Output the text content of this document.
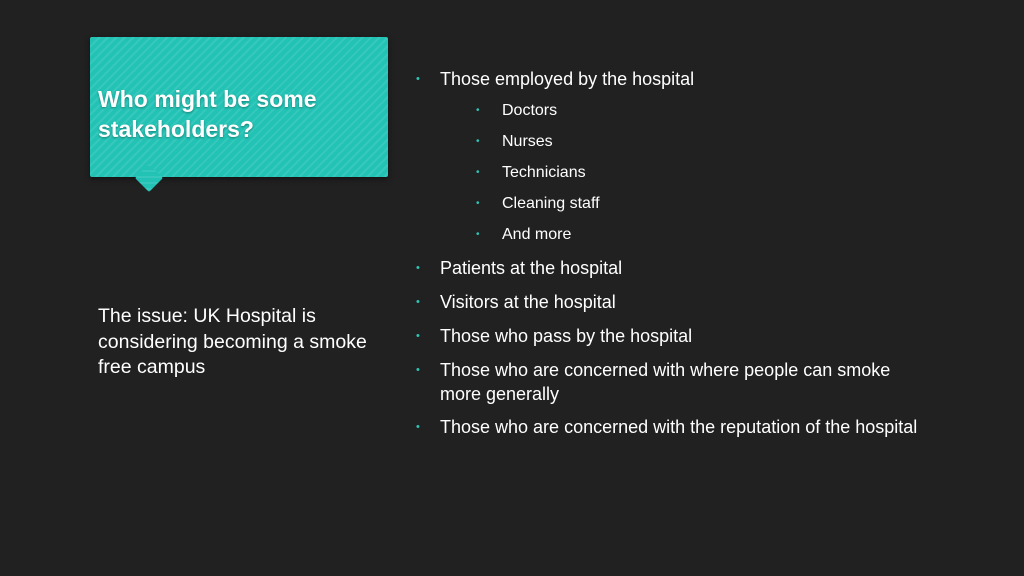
Who might be some stakeholders?

The issue: UK Hospital is considering becoming a smoke free campus

• Those employed by the hospital
• Doctors
• Nurses
• Technicians
• Cleaning staff
• And more
• Patients at the hospital
• Visitors at the hospital
• Those who pass by the hospital
• Those who are concerned with where people can smoke more generally
• Those who are concerned with the reputation of the hospital
